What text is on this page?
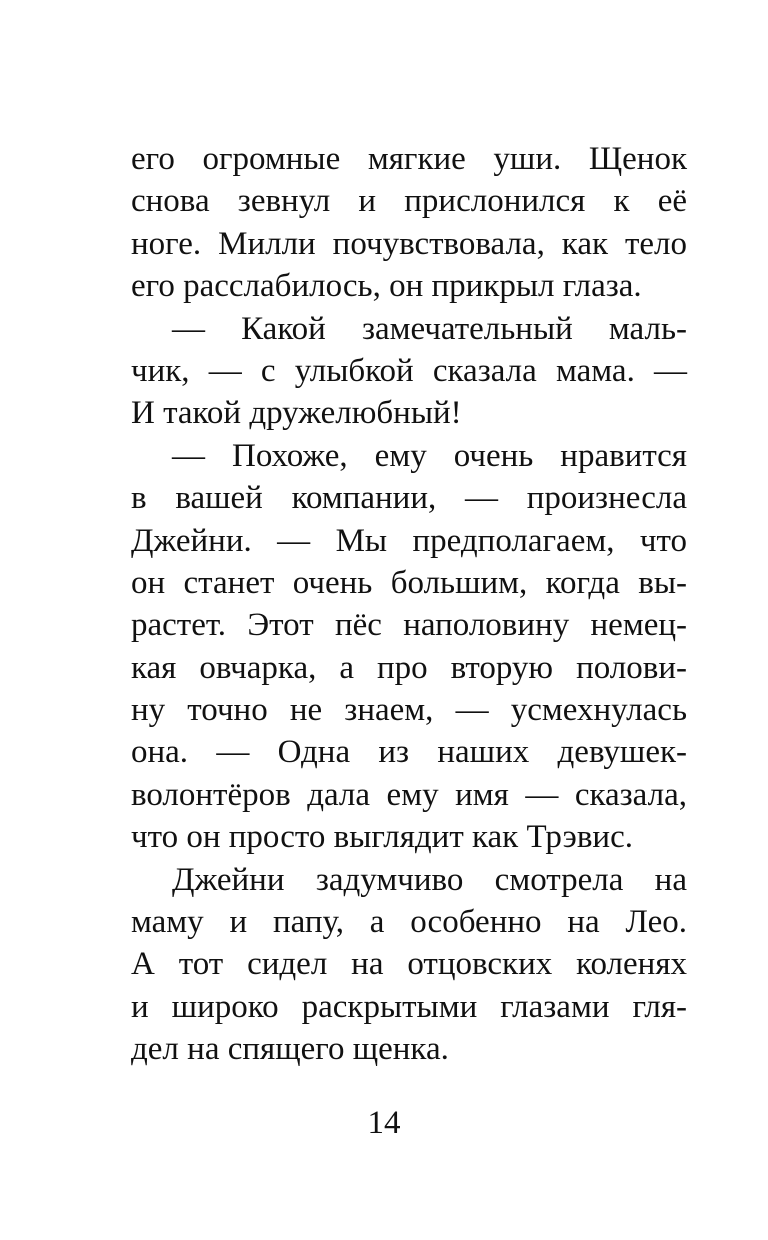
его огромные мягкие уши. Щенок
снова зевнул и прислонился к её
ноге. Милли почувствовала, как тело
его расслабилось, он прикрыл глаза.
— Какой замечательный маль-
чик, — с улыбкой сказала мама. —
И такой дружелюбный!
— Похоже, ему очень нравится
в вашей компании, — произнесла
Джейни. — Мы предполагаем, что
он станет очень большим, когда вы-
растет. Этот пёс наполовину немец-
кая овчарка, а про вторую полови-
ну точно не знаем, — усмехнулась
она. — Одна из наших девушек-
волонтёров дала ему имя — сказала,
что он просто выглядит как Трэвис.
Джейни задумчиво смотрела на
маму и папу, а особенно на Лео.
А тот сидел на отцовских коленях
и широко раскрытыми глазами гля-
дел на спящего щенка.
14
